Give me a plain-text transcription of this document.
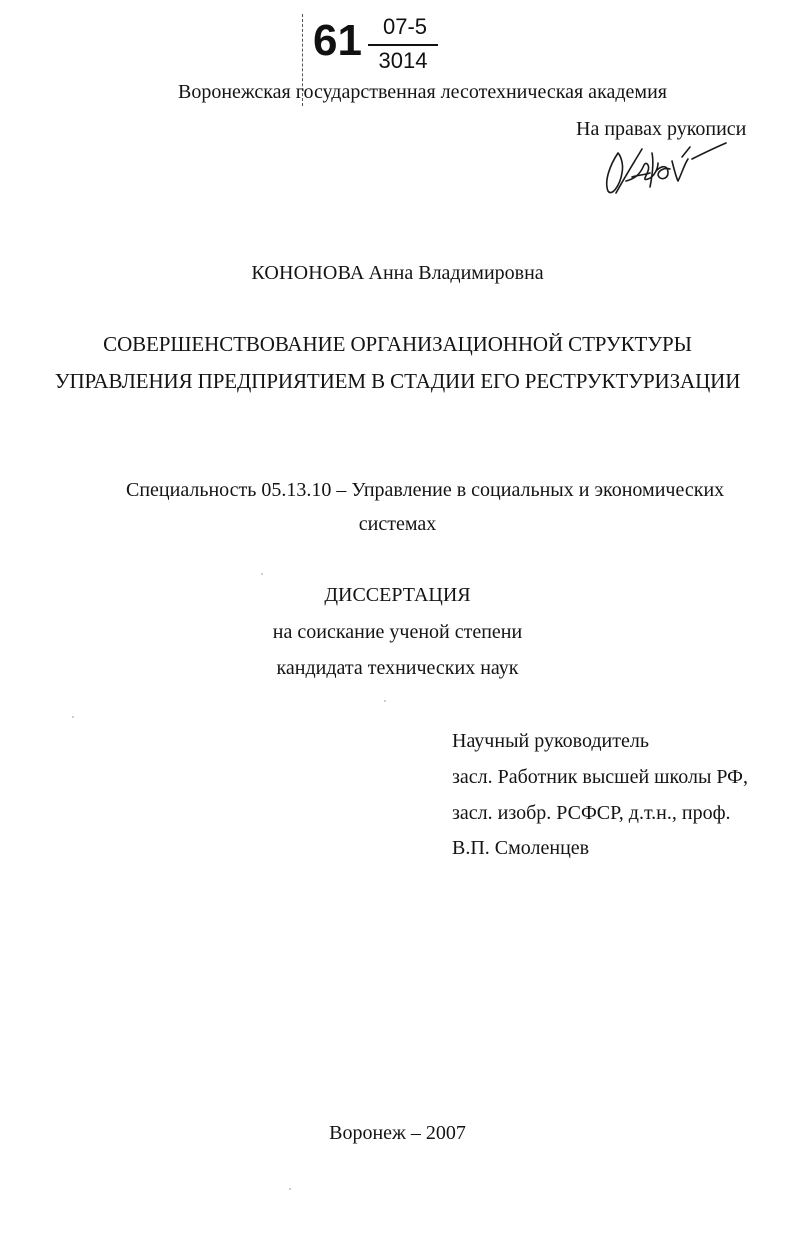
61 07-5
3014
Воронежская государственная лесотехническая академия
На правах рукописи
КОНОНОВА Анна Владимировна
СОВЕРШЕНСТВОВАНИЕ ОРГАНИЗАЦИОННОЙ СТРУКТУРЫ
УПРАВЛЕНИЯ ПРЕДПРИЯТИЕМ В СТАДИИ ЕГО РЕСТРУКТУРИЗАЦИИ
Специальность 05.13.10 – Управление в социальных и экономических
системах
ДИССЕРТАЦИЯ
на соискание ученой степени
кандидата технических наук
Научный руководитель
засл. Работник высшей школы РФ,
засл. изобр. РСФСР, д.т.н., проф.
В.П. Смоленцев
Воронеж – 2007
